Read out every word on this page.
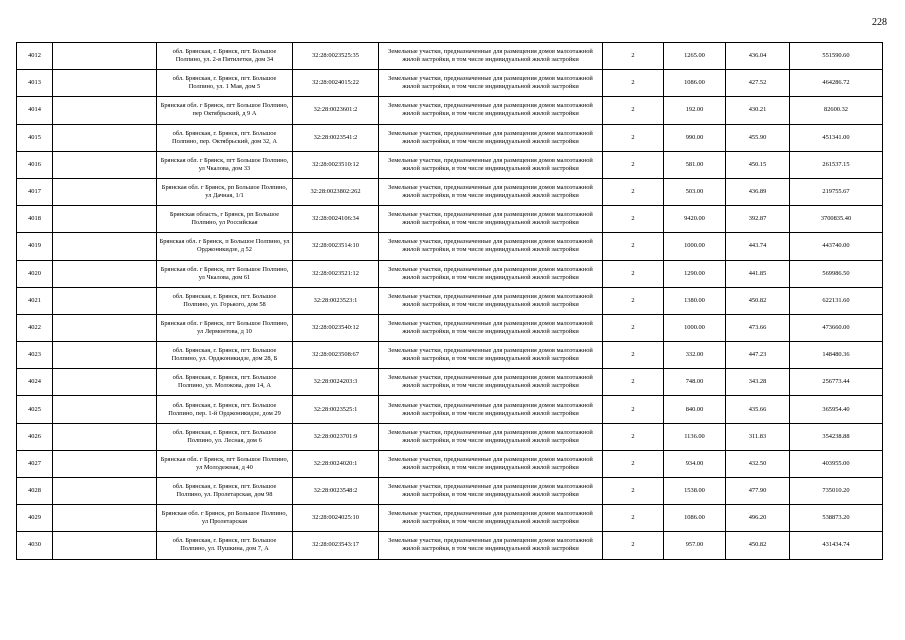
228
4012		обл. Брянская, г. Брянск, пгт. Большое Полпино, ул. 2-я Пятилетки, дом 34	32:28:0023525:35	Земельные участки, предназначенные для размещения домов малоэтажной жилой застройки, в том числе индивидуальной жилой застройки	2	1265.00	436.04	551590.60
4013		обл. Брянская, г. Брянск, пгт. Большое Полпино, ул. 1 Мая, дом 5	32:28:0024015:22	Земельные участки, предназначенные для размещения домов малоэтажной жилой застройки, в том числе индивидуальной жилой застройки	2	1086.00	427.52	464286.72
4014		Брянская обл. г Брянск, пгт Большое Полпино, пер Октябрьский, д 9 А	32:28:0023601:2	Земельные участки, предназначенные для размещения домов малоэтажной жилой застройки, в том числе индивидуальной жилой застройки	2	192.00	430.21	82600.32
4015		обл. Брянская, г. Брянск, пгт. Большое Полпино, пер. Октябрьский, дом 32, А	32:28:0023541:2	Земельные участки, предназначенные для размещения домов малоэтажной жилой застройки, в том числе индивидуальной жилой застройки	2	990.00	455.90	451341.00
4016		Брянская обл. г Брянск, пгт Большое Полпино, ул Чкалова, дом 33	32:28:0023510:12	Земельные участки, предназначенные для размещения домов малоэтажной жилой застройки, в том числе индивидуальной жилой застройки	2	581.00	450.15	261537.15
4017		Брянская обл. г Брянск, рп Большое Полпино, ул Дачная, 1/1	32:28:0023802:262	Земельные участки, предназначенные для размещения домов малоэтажной жилой застройки, в том числе индивидуальной жилой застройки	2	503.00	436.89	219755.67
4018		Брянская область, г Брянск, рп Большое Полпино, ул Российская	32:28:0024106:34	Земельные участки, предназначенные для размещения домов малоэтажной жилой застройки, в том числе индивидуальной жилой застройки	2	9420.00	392.87	3700835.40
4019		Брянская обл. г Брянск, п Большое Полпино, ул Орджоникидзе, д 52	32:28:0023514:10	Земельные участки, предназначенные для размещения домов малоэтажной жилой застройки, в том числе индивидуальной жилой застройки	2	1000.00	443.74	443740.00
4020		Брянская обл. г Брянск, пгт Большое Полпино, ул Чкалова, дом 61	32:28:0023521:12	Земельные участки, предназначенные для размещения домов малоэтажной жилой застройки, в том числе индивидуальной жилой застройки	2	1290.00	441.85	569986.50
4021		обл. Брянская, г. Брянск, пгт. Большое Полпино, ул. Горького, дом 58	32:28:0023523:1	Земельные участки, предназначенные для размещения домов малоэтажной жилой застройки, в том числе индивидуальной жилой застройки	2	1380.00	450.82	622131.60
4022		Брянская обл. г Брянск, пгт Большое Полпино, ул Лермонтова, д 10	32:28:0023540:12	Земельные участки, предназначенные для размещения домов малоэтажной жилой застройки, в том числе индивидуальной жилой застройки	2	1000.00	473.66	473660.00
4023		обл. Брянская, г. Брянск, пгт. Большое Полпино, ул. Орджоникидзе, дом 28, Б	32:28:0023508:67	Земельные участки, предназначенные для размещения домов малоэтажной жилой застройки, в том числе индивидуальной жилой застройки	2	332.00	447.23	148480.36
4024		обл. Брянская, г. Брянск, пгт. Большое Полпино, ул. Молокова, дом 14, А	32:28:0024203:3	Земельные участки, предназначенные для размещения домов малоэтажной жилой застройки, в том числе индивидуальной жилой застройки	2	748.00	343.28	256773.44
4025		обл. Брянская, г. Брянск, пгт. Большое Полпино, пер. 1-й Орджоникидзе, дом 29	32:28:0023525:1	Земельные участки, предназначенные для размещения домов малоэтажной жилой застройки, в том числе индивидуальной жилой застройки	2	840.00	435.66	365954.40
4026		обл. Брянская, г. Брянск, пгт. Большое Полпино, ул. Лесная, дом 6	32:28:0023701:9	Земельные участки, предназначенные для размещения домов малоэтажной жилой застройки, в том числе индивидуальной жилой застройки	2	1136.00	311.83	354238.88
4027		Брянская обл. г Брянск, пгт Большое Полпино, ул Молодежная, д 40	32:28:0024020:1	Земельные участки, предназначенные для размещения домов малоэтажной жилой застройки, в том числе индивидуальной жилой застройки	2	934.00	432.50	403955.00
4028		обл. Брянская, г. Брянск, пгт. Большое Полпино, ул. Пролетарская, дом 98	32:28:0023548:2	Земельные участки, предназначенные для размещения домов малоэтажной жилой застройки, в том числе индивидуальной жилой застройки	2	1538.00	477.90	735010.20
4029		Брянская обл. г Брянск, рп Большое Полпино, ул Пролетарская	32:28:0024025:10	Земельные участки, предназначенные для размещения домов малоэтажной жилой застройки, в том числе индивидуальной жилой застройки	2	1086.00	496.20	538873.20
4030		обл. Брянская, г. Брянск, пгт. Большое Полпино, ул. Пушкина, дом 7, А	32:28:0023543:17	Земельные участки, предназначенные для размещения домов малоэтажной жилой застройки, в том числе индивидуальной жилой застройки	2	957.00	450.82	431434.74
